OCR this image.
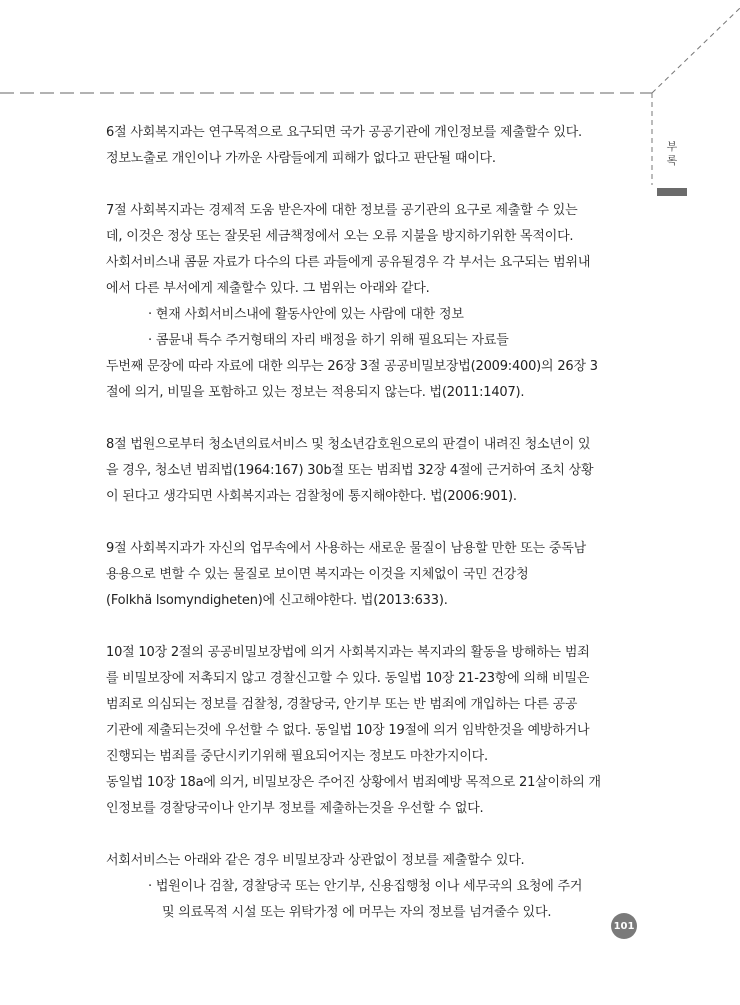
부
록

6절 사회복지과는 연구목적으로 요구되면 국가 공공기관에 개인정보를 제출할수 있다.

정보노출로 개인이나 가까운 사람들에게 피해가 없다고 판단될 때이다.

7절 사회복지과는 경제적 도움 받은자에 대한 정보를 공기관의 요구로 제출할 수 있는

데, 이것은 정상 또는 잘못된 세금책정에서 오는 오류 지불을 방지하기위한 목적이다.

사회서비스내 콤뮨 자료가 다수의 다른 과들에게 공유될경우 각 부서는 요구되는 범위내

에서 다른 부서에게 제출할수 있다. 그 범위는 아래와 같다.

· 현재 사회서비스내에 활동사안에 있는 사람에 대한 정보

· 콤뮨내 특수 주거형태의 자리 배정을 하기 위해 필요되는 자료들

두번째 문장에 따라 자료에 대한 의무는 26장 3절 공공비밀보장법(2009:400)의 26장 3

절에 의거, 비밀을 포함하고 있는 정보는 적용되지 않는다. 법(2011:1407).

8절 법원으로부터 청소년의료서비스 및 청소년감호원으로의 판결이 내려진 청소년이 있

을 경우, 청소년 범죄법(1964:167) 30b절 또는 범죄법 32장 4절에 근거하여 조치 상황

이 된다고 생각되면 사회복지과는 검찰청에 통지해야한다. 법(2006:901).

9절 사회복지과가 자신의 업무속에서 사용하는 새로운 물질이 남용할 만한 또는 중독남

용용으로 변할 수 있는 물질로 보이면 복지과는 이것을 지체없이 국민 건강청

(Folkhä lsomyndigheten)에 신고해야한다. 법(2013:633).

10절 10장 2절의 공공비밀보장법에 의거 사회복지과는 복지과의 활동을 방해하는 범죄

를 비밀보장에 저촉되지 않고 경찰신고할 수 있다. 동일법 10장 21-23항에 의해 비밀은

범죄로 의심되는 정보를 검찰청, 경찰당국, 안기부 또는 반 범죄에 개입하는 다른 공공

기관에 제출되는것에 우선할 수 없다. 동일법 10장 19절에 의거 임박한것을 예방하거나

진행되는 범죄를 중단시키기위해 필요되어지는 정보도 마찬가지이다.

동일법 10장 18a에 의거, 비밀보장은 주어진 상황에서 범죄예방 목적으로 21살이하의 개

인정보를 경찰당국이나 안기부 정보를 제출하는것을 우선할 수 없다.

서회서비스는 아래와 같은 경우 비밀보장과 상관없이 정보를 제출할수 있다.

· 법원이나 검찰, 경찰당국 또는 안기부, 신용집행청 이나 세무국의 요청에 주거

및 의료목적 시설 또는 위탁가정 에 머무는 자의 정보를 넘겨줄수 있다.

101
